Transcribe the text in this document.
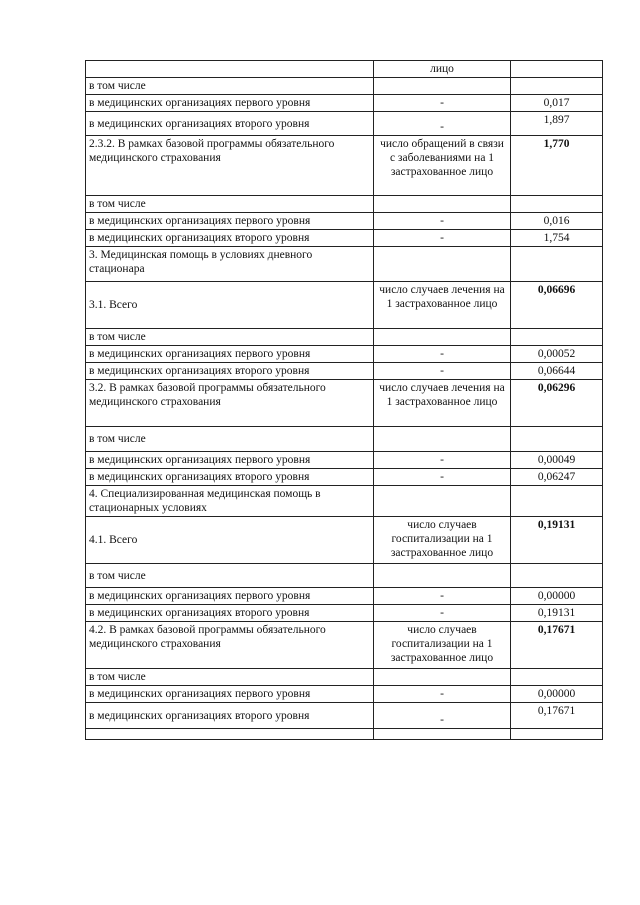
	лицо	
в том числе		
в медицинских организациях первого уровня	-	0,017
в медицинских организациях второго уровня	-	1,897
2.3.2. В рамках базовой программы обязательного медицинского страхования	число обращений в связи с заболеваниями на 1 застрахованное лицо	1,770
в том числе		
в медицинских организациях первого уровня	-	0,016
в медицинских организациях второго уровня	-	1,754
3. Медицинская помощь в условиях дневного стационара		
3.1. Всего	число случаев лечения на 1 застрахованное лицо	0,06696
в том числе		
в медицинских организациях первого уровня	-	0,00052
в медицинских организациях второго уровня	-	0,06644
3.2. В рамках базовой программы обязательного медицинского страхования	число случаев лечения на 1 застрахованное лицо	0,06296
в том числе		
в медицинских организациях первого уровня	-	0,00049
в медицинских организациях второго уровня	-	0,06247
4. Специализированная медицинская помощь в стационарных условиях		
4.1. Всего	число случаев госпитализации на 1 застрахованное лицо	0,19131
в том числе		
в медицинских организациях первого уровня	-	0,00000
в медицинских организациях второго уровня	-	0,19131
4.2. В рамках базовой программы обязательного медицинского страхования	число случаев госпитализации на 1 застрахованное лицо	0,17671
в том числе		
в медицинских организациях первого уровня	-	0,00000
в медицинских организациях второго уровня	-	0,17671
